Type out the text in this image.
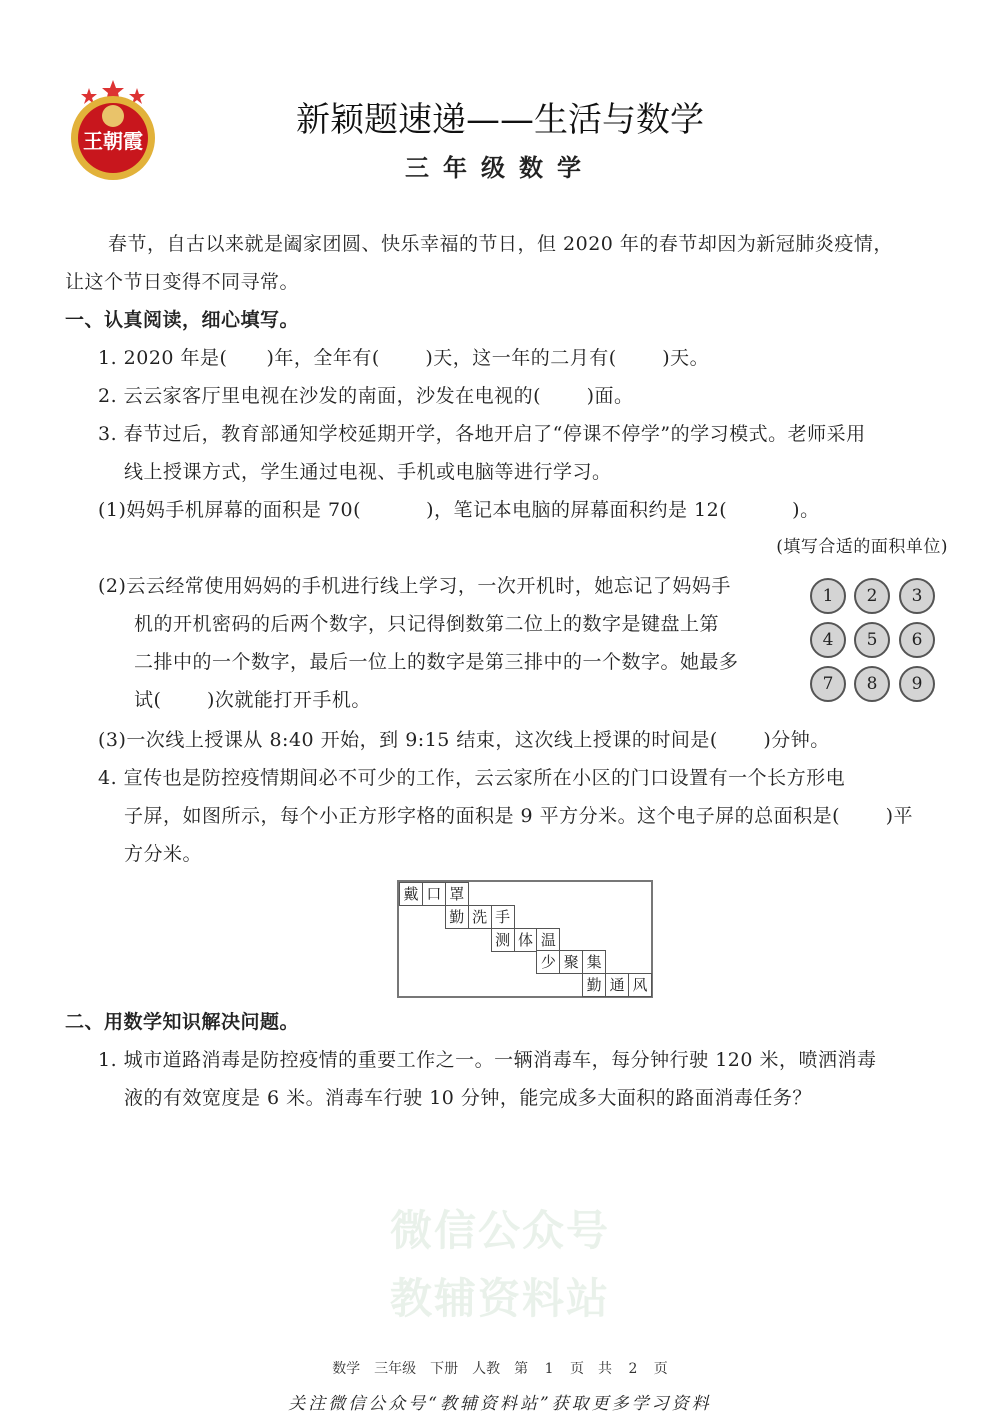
王朝霞
新颖题速递——生活与数学
三年级数学
微信公众号
教辅资料站
春节，自古以来就是阖家团圆、快乐幸福的节日，但 2020 年的春节却因为新冠肺炎疫情，
让这个节日变得不同寻常。
一、认真阅读，细心填写。
1. 2020 年是(　　)年，全年有(　　 )天，这一年的二月有(　　 )天。
2. 云云家客厅里电视在沙发的南面，沙发在电视的(　　 )面。
3. 春节过后，教育部通知学校延期开学，各地开启了“停课不停学”的学习模式。老师采用
线上授课方式，学生通过电视、手机或电脑等进行学习。
(1)妈妈手机屏幕的面积是 70(　　　 )，笔记本电脑的屏幕面积约是 12(　　　 )。
(填写合适的面积单位)
(2)云云经常使用妈妈的手机进行线上学习，一次开机时，她忘记了妈妈手
机的开机密码的后两个数字，只记得倒数第二位上的数字是键盘上第
二排中的一个数字，最后一位上的数字是第三排中的一个数字。她最多
试(　　 )次就能打开手机。
(3)一次线上授课从 8:40 开始，到 9:15 结束，这次线上授课的时间是(　　 )分钟。
4. 宣传也是防控疫情期间必不可少的工作，云云家所在小区的门口设置有一个长方形电
子屏，如图所示，每个小正方形字格的面积是 9 平方分米。这个电子屏的总面积是(　　 )平
方分米。
1	2	3
4	5	6
7	8	9
戴 口 罩
勤 洗 手
测 体 温
少 聚 集
勤 通 风
二、用数学知识解决问题。
1. 城市道路消毒是防控疫情的重要工作之一。一辆消毒车，每分钟行驶 120 米，喷洒消毒
液的有效宽度是 6 米。消毒车行驶 10 分钟，能完成多大面积的路面消毒任务？
数学　三年级　下册　人教　第 1 页　共 2 页
关注微信公众号“教辅资料站”获取更多学习资料
